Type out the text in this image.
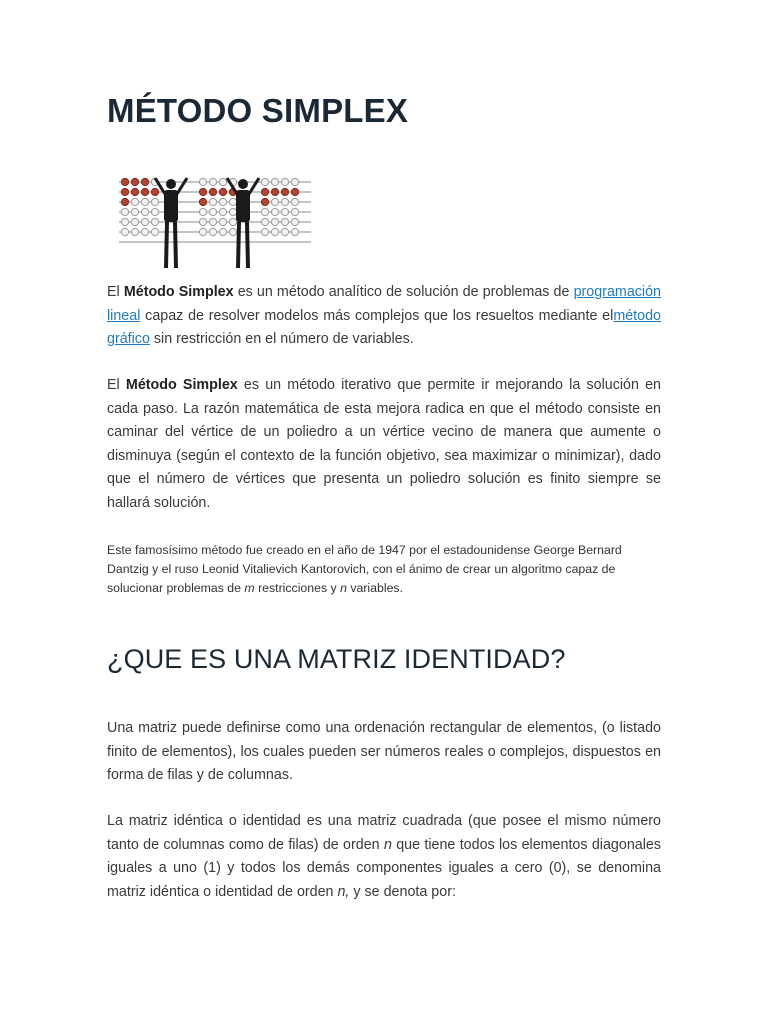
MÉTODO SIMPLEX

El Método Simplex es un método analítico de solución de problemas de programación lineal capaz de resolver modelos más complejos que los resueltos mediante elmétodo gráfico sin restricción en el número de variables.

El Método Simplex es un método iterativo que permite ir mejorando la solución en cada paso. La razón matemática de esta mejora radica en que el método consiste en caminar del vértice de un poliedro a un vértice vecino de manera que aumente o disminuya (según el contexto de la función objetivo, sea maximizar o minimizar), dado que el número de vértices que presenta un poliedro solución es finito siempre se hallará solución.

Este famosísimo método fue creado en el año de 1947 por el estadounidense George Bernard Dantzig y el ruso Leonid Vitalievich Kantorovich, con el ánimo de crear un algoritmo capaz de solucionar problemas de m restricciones y n variables.

¿QUE ES UNA MATRIZ IDENTIDAD?

Una matriz puede definirse como una ordenación rectangular de elementos, (o listado finito de elementos), los cuales pueden ser números reales o complejos, dispuestos en forma de filas y de columnas.

La matriz idéntica o identidad es una matriz cuadrada (que posee el mismo número tanto de columnas como de filas) de orden n que tiene todos los elementos diagonales iguales a uno (1) y todos los demás componentes iguales a cero (0), se denomina matriz idéntica o identidad de orden n, y se denota por:
